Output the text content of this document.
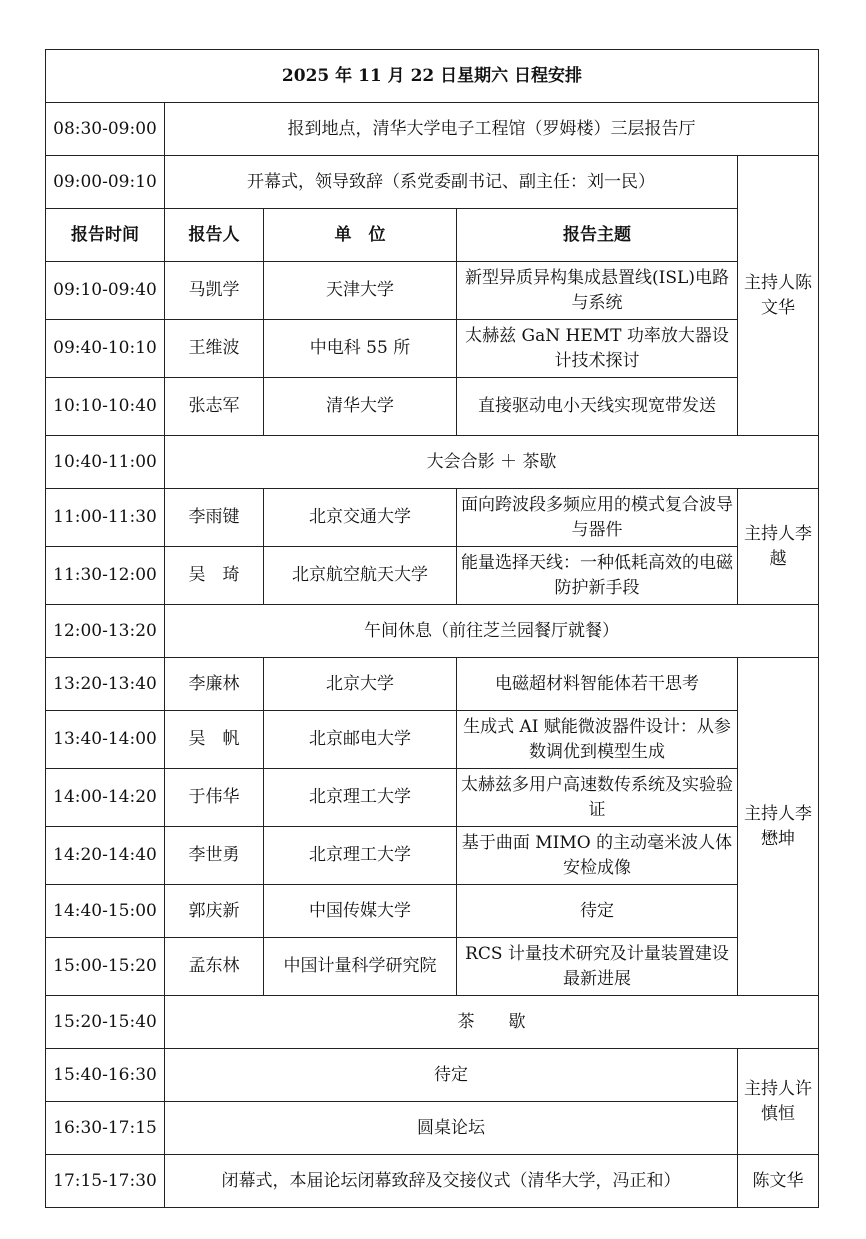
2025 年 11 月 22 日星期六 日程安排				
08:30-09:00	报到地点，清华大学电子工程馆（罗姆楼）三层报告厅			
09:00-09:10	开幕式，领导致辞（系党委副书记、副主任：刘一民）			主持人陈文华
报告时间	报告人	单　位	报告主题	
09:10-09:40	马凯学	天津大学	新型异质异构集成悬置线(ISL)电路与系统	
09:40-10:10	王维波	中电科 55 所	太赫兹 GaN HEMT 功率放大器设计技术探讨	
10:10-10:40	张志军	清华大学	直接驱动电小天线实现宽带发送	
10:40-11:00	大会合影 ＋ 茶歇			
11:00-11:30	李雨键	北京交通大学	面向跨波段多频应用的模式复合波导与器件	主持人李　越
11:30-12:00	吴　琦	北京航空航天大学	能量选择天线：一种低耗高效的电磁防护新手段	
12:00-13:20	午间休息（前往芝兰园餐厅就餐）			
13:20-13:40	李廉林	北京大学	电磁超材料智能体若干思考	主持人李懋坤
13:40-14:00	吴　帆	北京邮电大学	生成式 AI 赋能微波器件设计：从参数调优到模型生成	
14:00-14:20	于伟华	北京理工大学	太赫兹多用户高速数传系统及实验验证	
14:20-14:40	李世勇	北京理工大学	基于曲面 MIMO 的主动毫米波人体安检成像	
14:40-15:00	郭庆新	中国传媒大学	待定	
15:00-15:20	孟东林	中国计量科学研究院	RCS 计量技术研究及计量装置建设最新进展	
15:20-15:40	茶　　歇			
15:40-16:30	待定			主持人许慎恒
16:30-17:15	圆桌论坛			
17:15-17:30	闭幕式，本届论坛闭幕致辞及交接仪式（清华大学，冯正和）			陈文华
